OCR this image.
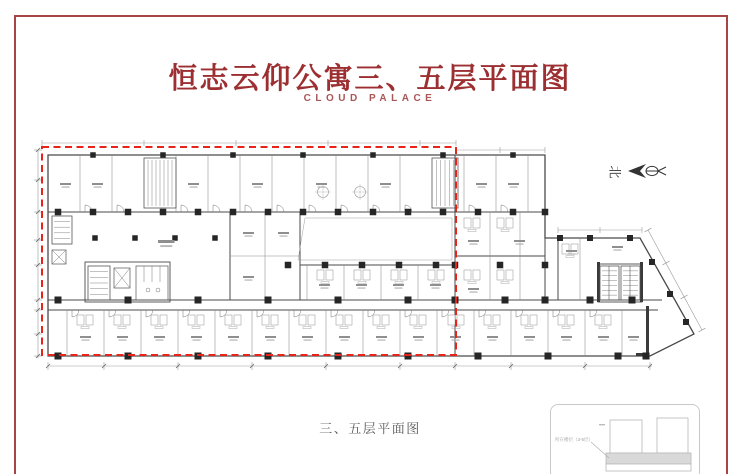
恒志云仰公寓三、五层平面图
CLOUD PALACE
北
所在楼层（3-5层）
三、五层平面图
